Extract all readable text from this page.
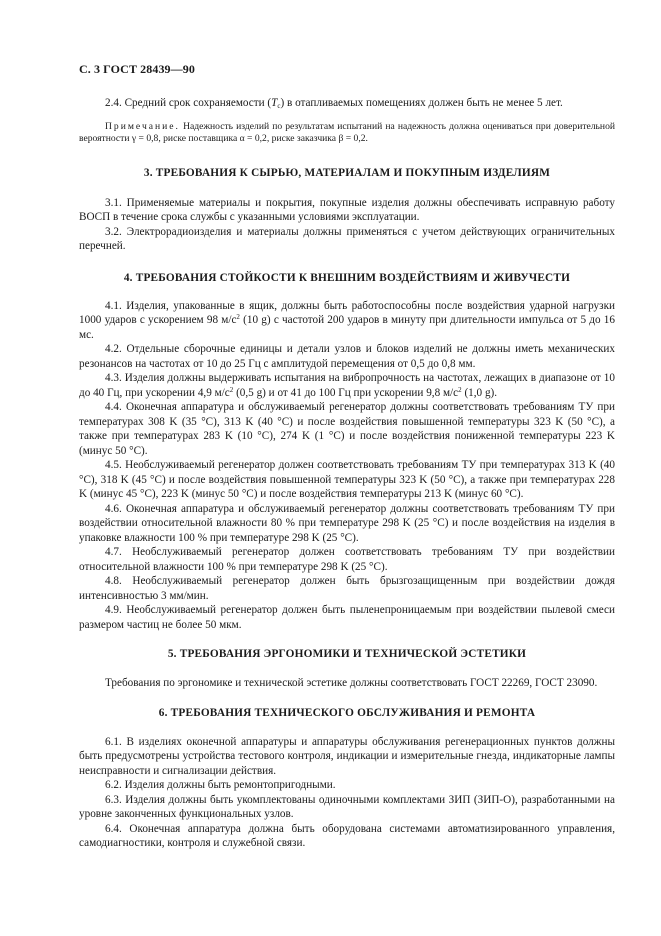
С. 3 ГОСТ 28439—90

2.4. Средний срок сохраняемости $(T_c)$ в отапливаемых помещениях должен быть не менее 5 лет.

Примечание. Надежность изделий по результатам испытаний на надежность должна оцениваться при доверительной вероятности γ = 0,8, риске поставщика α = 0,2, риске заказчика β = 0,2.

3. ТРЕБОВАНИЯ К СЫРЬЮ, МАТЕРИАЛАМ И ПОКУПНЫМ ИЗДЕЛИЯМ

3.1. Применяемые материалы и покрытия, покупные изделия должны обеспечивать исправную работу ВОСП в течение срока службы с указанными условиями эксплуатации.

3.2. Электрорадиоизделия и материалы должны применяться с учетом действующих ограничительных перечней.

4. ТРЕБОВАНИЯ СТОЙКОСТИ К ВНЕШНИМ ВОЗДЕЙСТВИЯМ И ЖИВУЧЕСТИ

4.1. Изделия, упакованные в ящик, должны быть работоспособны после воздействия ударной нагрузки 1000 ударов с ускорением 98 $м/с^2$ (10 g) с частотой 200 ударов в минуту при длительности импульса от 5 до 16 мс.

4.2. Отдельные сборочные единицы и детали узлов и блоков изделий не должны иметь механических резонансов на частотах от 10 до 25 Гц с амплитудой перемещения от 0,5 до 0,8 мм.

4.3. Изделия должны выдерживать испытания на вибропрочность на частотах, лежащих в диапазоне от 10 до 40 Гц, при ускорении 4,9 $м/с^2$ (0,5 g) и от 41 до 100 Гц при ускорении 9,8 $м/с^2$ (1,0 g).

4.4. Оконечная аппаратура и обслуживаемый регенератор должны соответствовать требованиям ТУ при температурах 308 K (35 °C), 313 K (40 °C) и после воздействия повышенной температуры 323 K (50 °C), а также при температурах 283 K (10 °C), 274 K (1 °C) и после воздействия пониженной температуры 223 K (минус 50 °C).

4.5. Необслуживаемый регенератор должен соответствовать требованиям ТУ при температурах 313 K (40 °C), 318 K (45 °C) и после воздействия повышенной температуры 323 K (50 °C), а также при температурах 228 K (минус 45 °C), 223 K (минус 50 °C) и после воздействия температуры 213 K (минус 60 °C).

4.6. Оконечная аппаратура и обслуживаемый регенератор должны соответствовать требованиям ТУ при воздействии относительной влажности 80 % при температуре 298 K (25 °C) и после воздействия на изделия в упаковке влажности 100 % при температуре 298 K (25 °C).

4.7. Необслуживаемый регенератор должен соответствовать требованиям ТУ при воздействии относительной влажности 100 % при температуре 298 K (25 °C).

4.8. Необслуживаемый регенератор должен быть брызгозащищенным при воздействии дождя интенсивностью 3 мм/мин.

4.9. Необслуживаемый регенератор должен быть пыленепроницаемым при воздействии пылевой смеси размером частиц не более 50 мкм.

5. ТРЕБОВАНИЯ ЭРГОНОМИКИ И ТЕХНИЧЕСКОЙ ЭСТЕТИКИ

Требования по эргономике и технической эстетике должны соответствовать ГОСТ 22269, ГОСТ 23090.

6. ТРЕБОВАНИЯ ТЕХНИЧЕСКОГО ОБСЛУЖИВАНИЯ И РЕМОНТА

6.1. В изделиях оконечной аппаратуры и аппаратуры обслуживания регенерационных пунктов должны быть предусмотрены устройства тестового контроля, индикации и измерительные гнезда, индикаторные лампы неисправности и сигнализации действия.

6.2. Изделия должны быть ремонтопригодными.

6.3. Изделия должны быть укомплектованы одиночными комплектами ЗИП (ЗИП-О), разработанными на уровне законченных функциональных узлов.

6.4. Оконечная аппаратура должна быть оборудована системами автоматизированного управления, самодиагностики, контроля и служебной связи.
